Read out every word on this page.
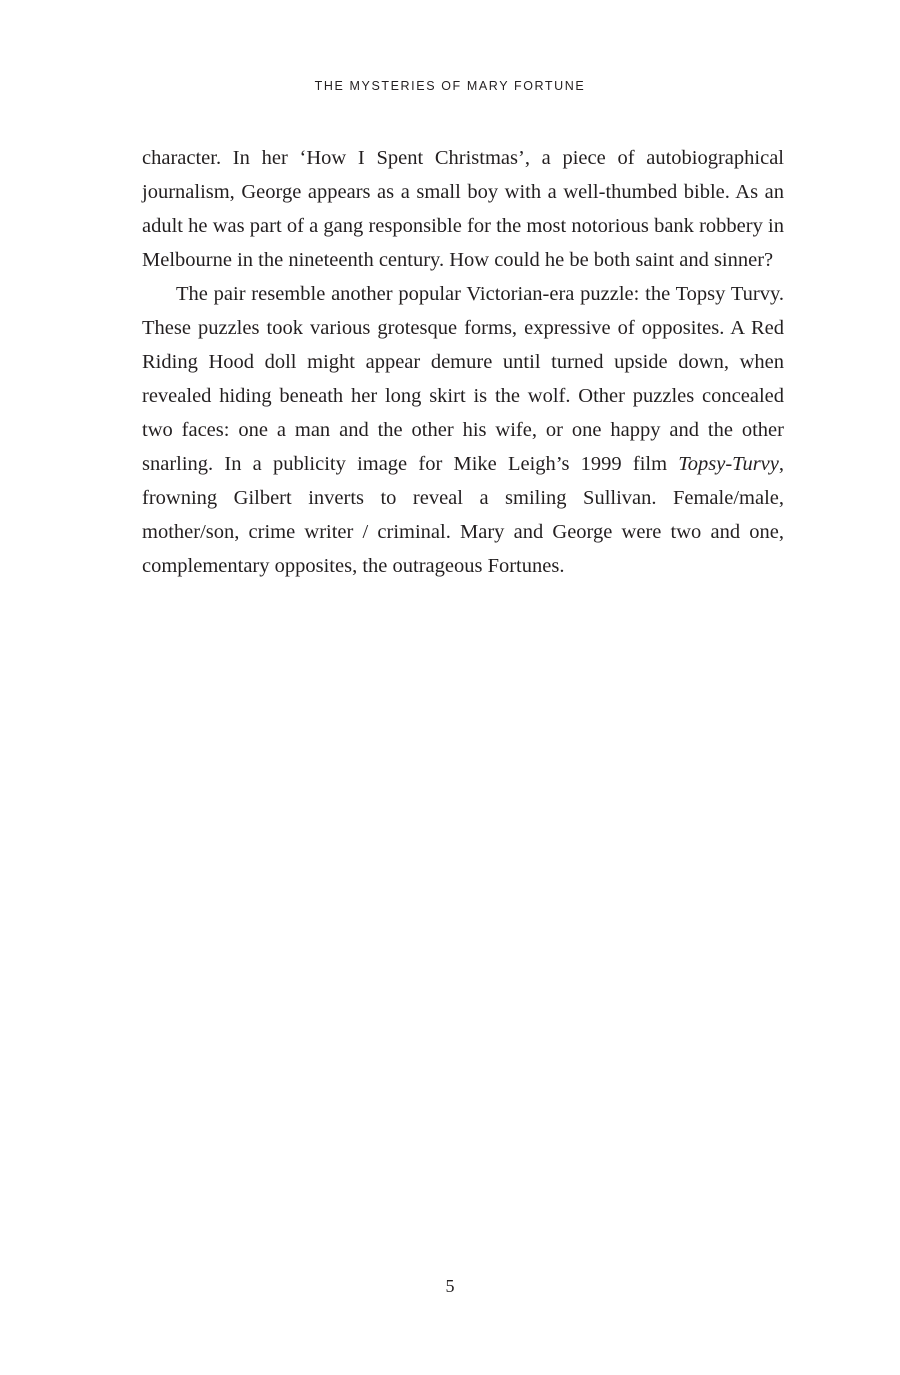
THE MYSTERIES OF MARY FORTUNE

character. In her ‘How I Spent Christmas’, a piece of autobiographical journalism, George appears as a small boy with a well-thumbed bible. As an adult he was part of a gang responsible for the most notorious bank robbery in Melbourne in the nineteenth century. How could he be both saint and sinner?

The pair resemble another popular Victorian-era puzzle: the Topsy Turvy. These puzzles took various grotesque forms, expressive of opposites. A Red Riding Hood doll might appear demure until turned upside down, when revealed hiding beneath her long skirt is the wolf. Other puzzles concealed two faces: one a man and the other his wife, or one happy and the other snarling. In a publicity image for Mike Leigh’s 1999 film Topsy-Turvy, frowning Gilbert inverts to reveal a smiling Sullivan. Female/male, mother/son, crime writer / criminal. Mary and George were two and one, complementary opposites, the outrageous Fortunes.

5
